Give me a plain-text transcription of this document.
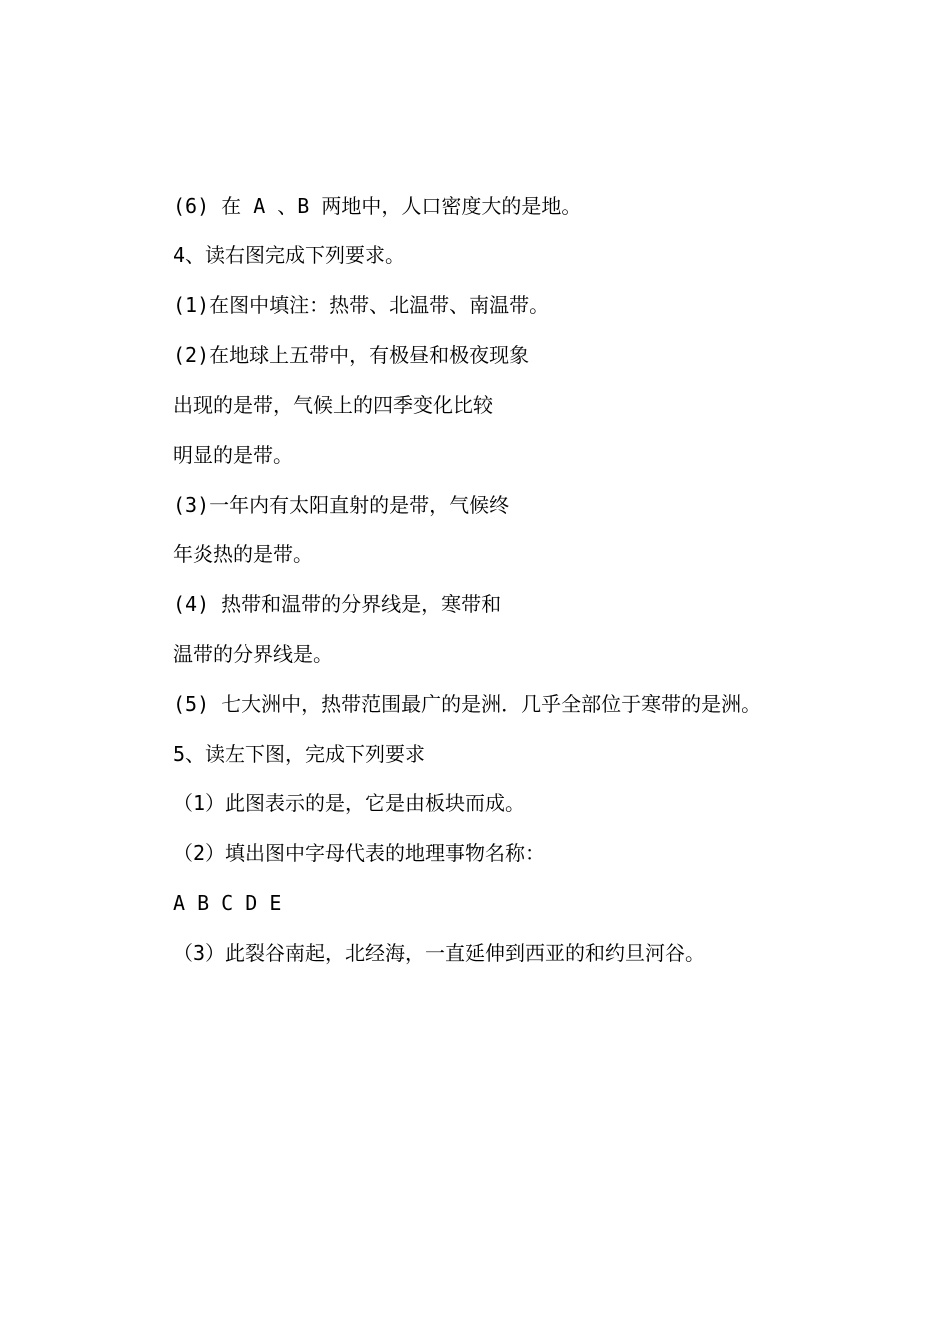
(6) 在 A 、B 两地中，人口密度大的是地。
4、读右图完成下列要求。
(1)在图中填注：热带、北温带、南温带。
(2)在地球上五带中，有极昼和极夜现象
出现的是带，气候上的四季变化比较
明显的是带。
(3)一年内有太阳直射的是带，气候终
年炎热的是带。
(4) 热带和温带的分界线是，寒带和
温带的分界线是。
(5) 七大洲中，热带范围最广的是洲．几乎全部位于寒带的是洲。
5、读左下图，完成下列要求
（1）此图表示的是，它是由板块而成。
（2）填出图中字母代表的地理事物名称：
A B C D E
（3）此裂谷南起，北经海，一直延伸到西亚的和约旦河谷。
